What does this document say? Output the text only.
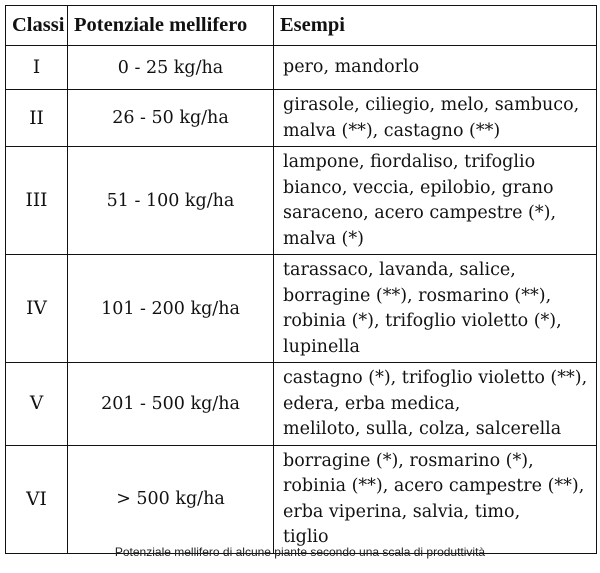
Classi	Potenziale mellifero	Esempi
I	0 - 25 kg/ha	pero, mandorlo

II	26 - 50 kg/ha	girasole, ciliegio, melo, sambuco,
malva (**), castagno (**)

III	51 - 100 kg/ha	lampone, fiordaliso, trifoglio
bianco, veccia, epilobio, grano
saraceno, acero campestre (*),
malva (*)

IV	101 - 200 kg/ha	tarassaco, lavanda, salice,
borragine (**), rosmarino (**),
robinia (*), trifoglio violetto (*),
lupinella

V	201 - 500 kg/ha	castagno (*), trifoglio violetto (**),
edera, erba medica,
meliloto, sulla, colza, salcerella

VI	> 500 kg/ha	borragine (*), rosmarino (*),
robinia (**), acero campestre (**),
erba viperina, salvia, timo,
tiglio
Potenziale mellifero di alcune piante secondo una scala di produttività
